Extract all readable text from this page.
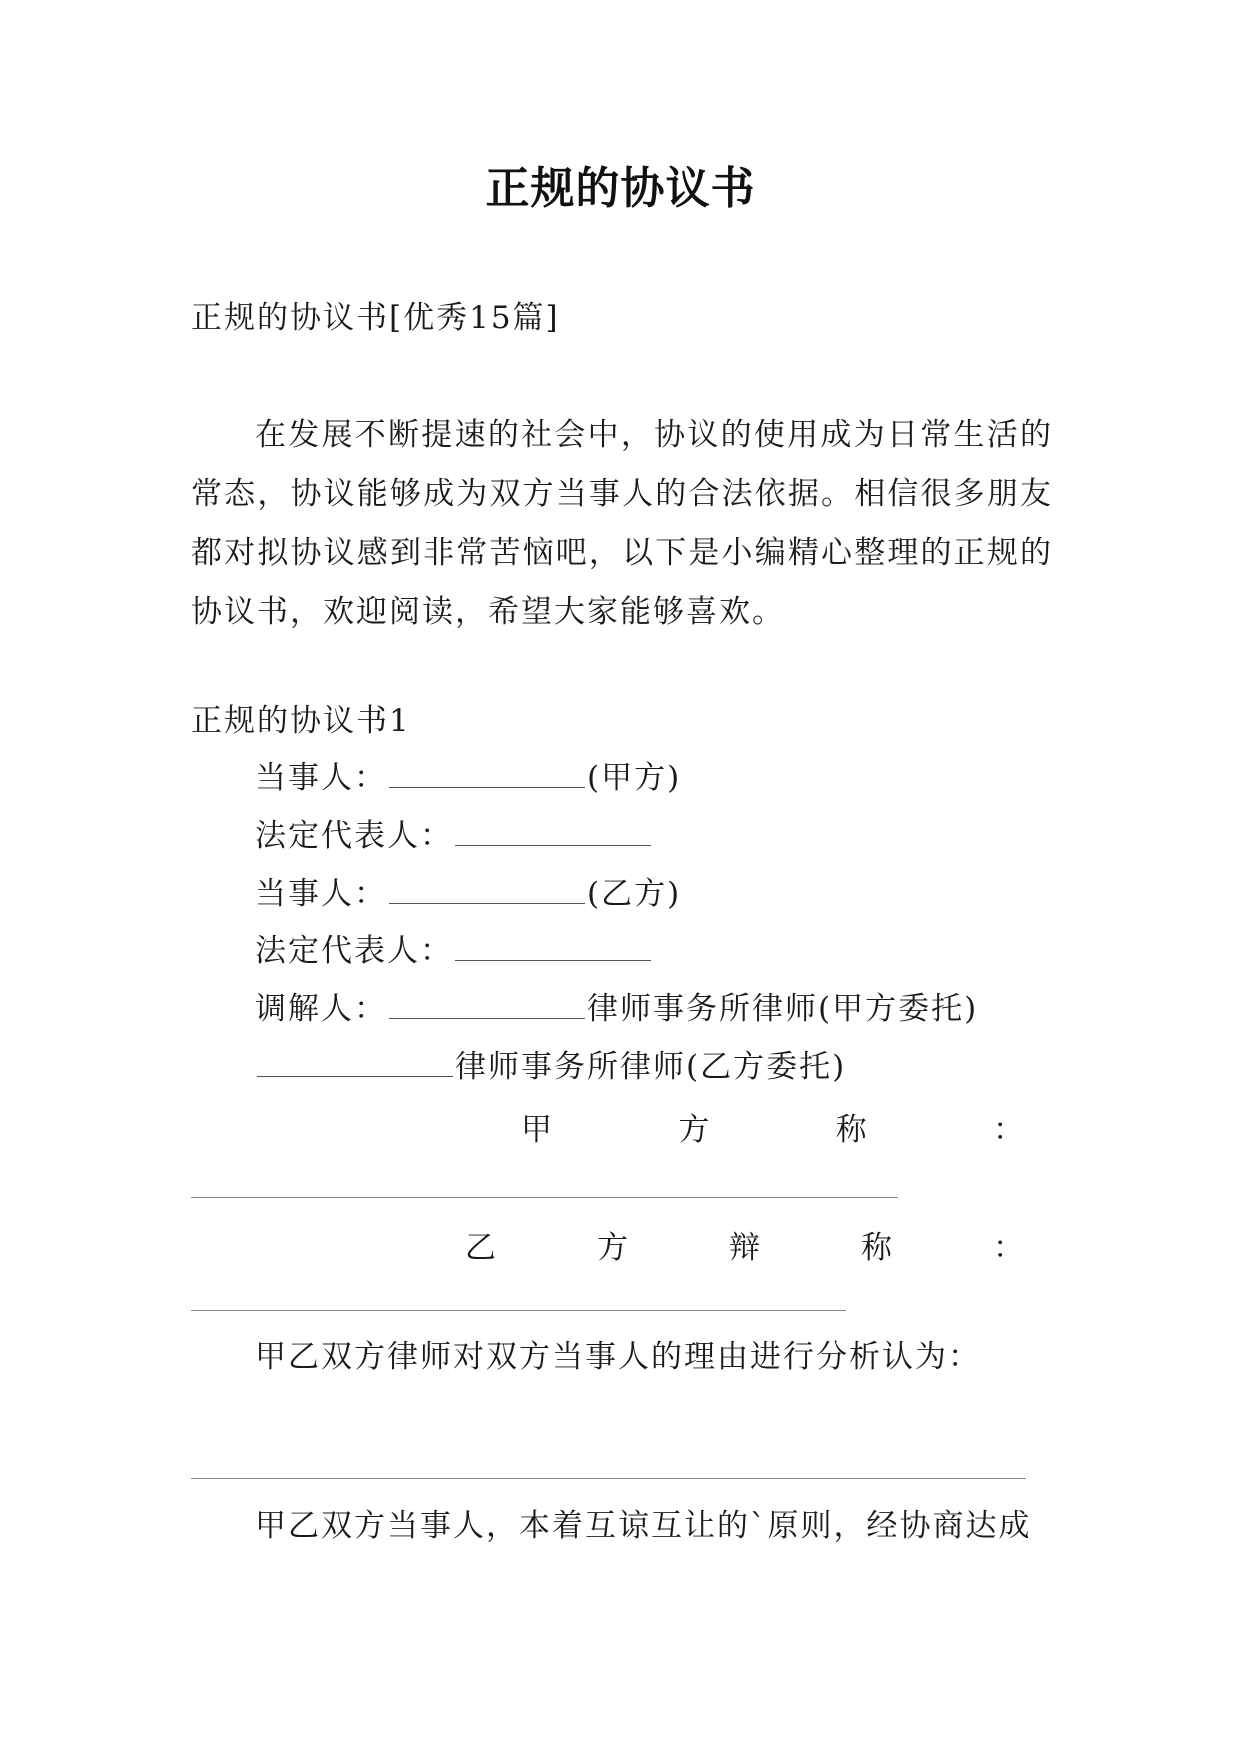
正规的协议书
正规的协议书[优秀15篇]
在发展不断提速的社会中，协议的使用成为日常生活的常态，协议能够成为双方当事人的合法依据。相信很多朋友都对拟协议感到非常苦恼吧，以下是小编精心整理的正规的协议书，欢迎阅读，希望大家能够喜欢。
正规的协议书1
当事人：	(甲方)
法定代表人：
当事人：	(乙方)
法定代表人：
调解人：	律师事务所律师(甲方委托)
律师事务所律师(乙方委托)
甲	方	称	：
乙	方	辩	称	：
甲乙双方律师对双方当事人的理由进行分析认为：
甲乙双方当事人，本着互谅互让的`原则，经协商达成
